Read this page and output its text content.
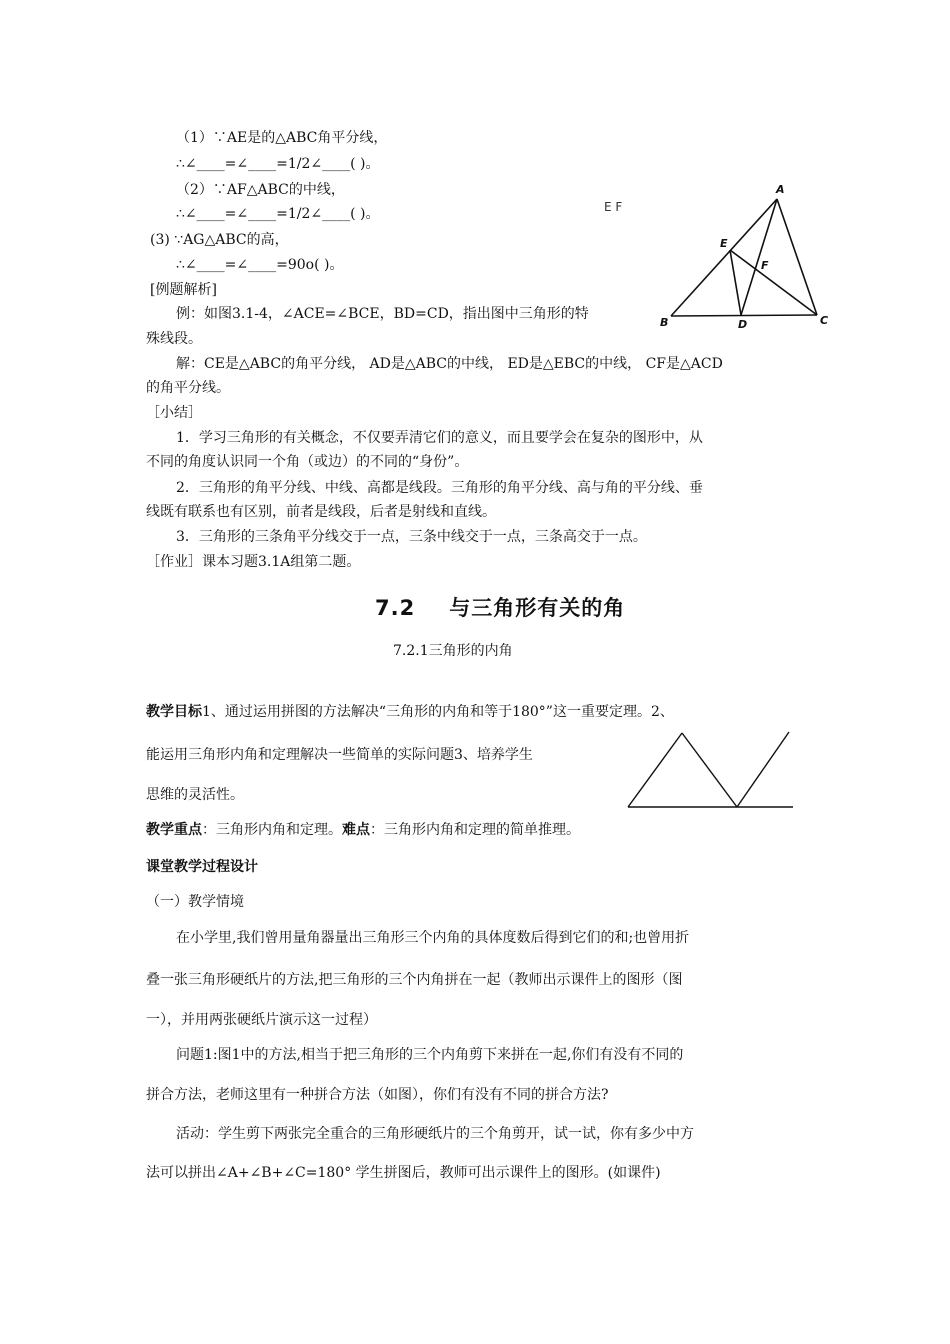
（1）∵AE是的△ABC角平分线，
∴∠____=∠____=1/2∠____( )。
（2）∵AF△ABC的中线，
∴∠____=∠____=1/2∠____( )。
(3) ∵AG△ABC的高，
∴∠____=∠____=90o( )。
[例题解析]
例：如图3.1-4，∠ACE=∠BCE，BD=CD，指出图中三角形的特
殊线段。
解：CE是△ABC的角平分线， AD是△ABC的中线， ED是△EBC的中线， CF是△ACD
的角平分线。
［小结］
1．学习三角形的有关概念，不仅要弄清它们的意义，而且要学会在复杂的图形中，从
不同的角度认识同一个角（或边）的不同的“身份”。
2．三角形的角平分线、中线、高都是线段。三角形的角平分线、高与角的平分线、垂
线既有联系也有区别，前者是线段，后者是射线和直线。
3．三角形的三条角平分线交于一点，三条中线交于一点，三条高交于一点。
［作业］课本习题3.1A组第二题。
E F
A
B	C
D
E
F
7.2 与三角形有关的角
7.2.1三角形的内角
教学目标1、通过运用拼图的方法解决“三角形的内角和等于180°”这一重要定理。2、
能运用三角形内角和定理解决一些简单的实际问题3、培养学生
思维的灵活性。
教学重点：三角形内角和定理。难点：三角形内角和定理的简单推理。
课堂教学过程设计
（一）教学情境
在小学里,我们曾用量角器量出三角形三个内角的具体度数后得到它们的和;也曾用折
叠一张三角形硬纸片的方法,把三角形的三个内角拼在一起（教师出示课件上的图形（图
一），并用两张硬纸片演示这一过程）
问题1:图1中的方法,相当于把三角形的三个内角剪下来拼在一起,你们有没有不同的
拼合方法，老师这里有一种拼合方法（如图），你们有没有不同的拼合方法?
活动：学生剪下两张完全重合的三角形硬纸片的三个角剪开，试一试，你有多少中方
法可以拼出∠A+∠B+∠C=180° 学生拼图后，教师可出示课件上的图形。(如课件)
